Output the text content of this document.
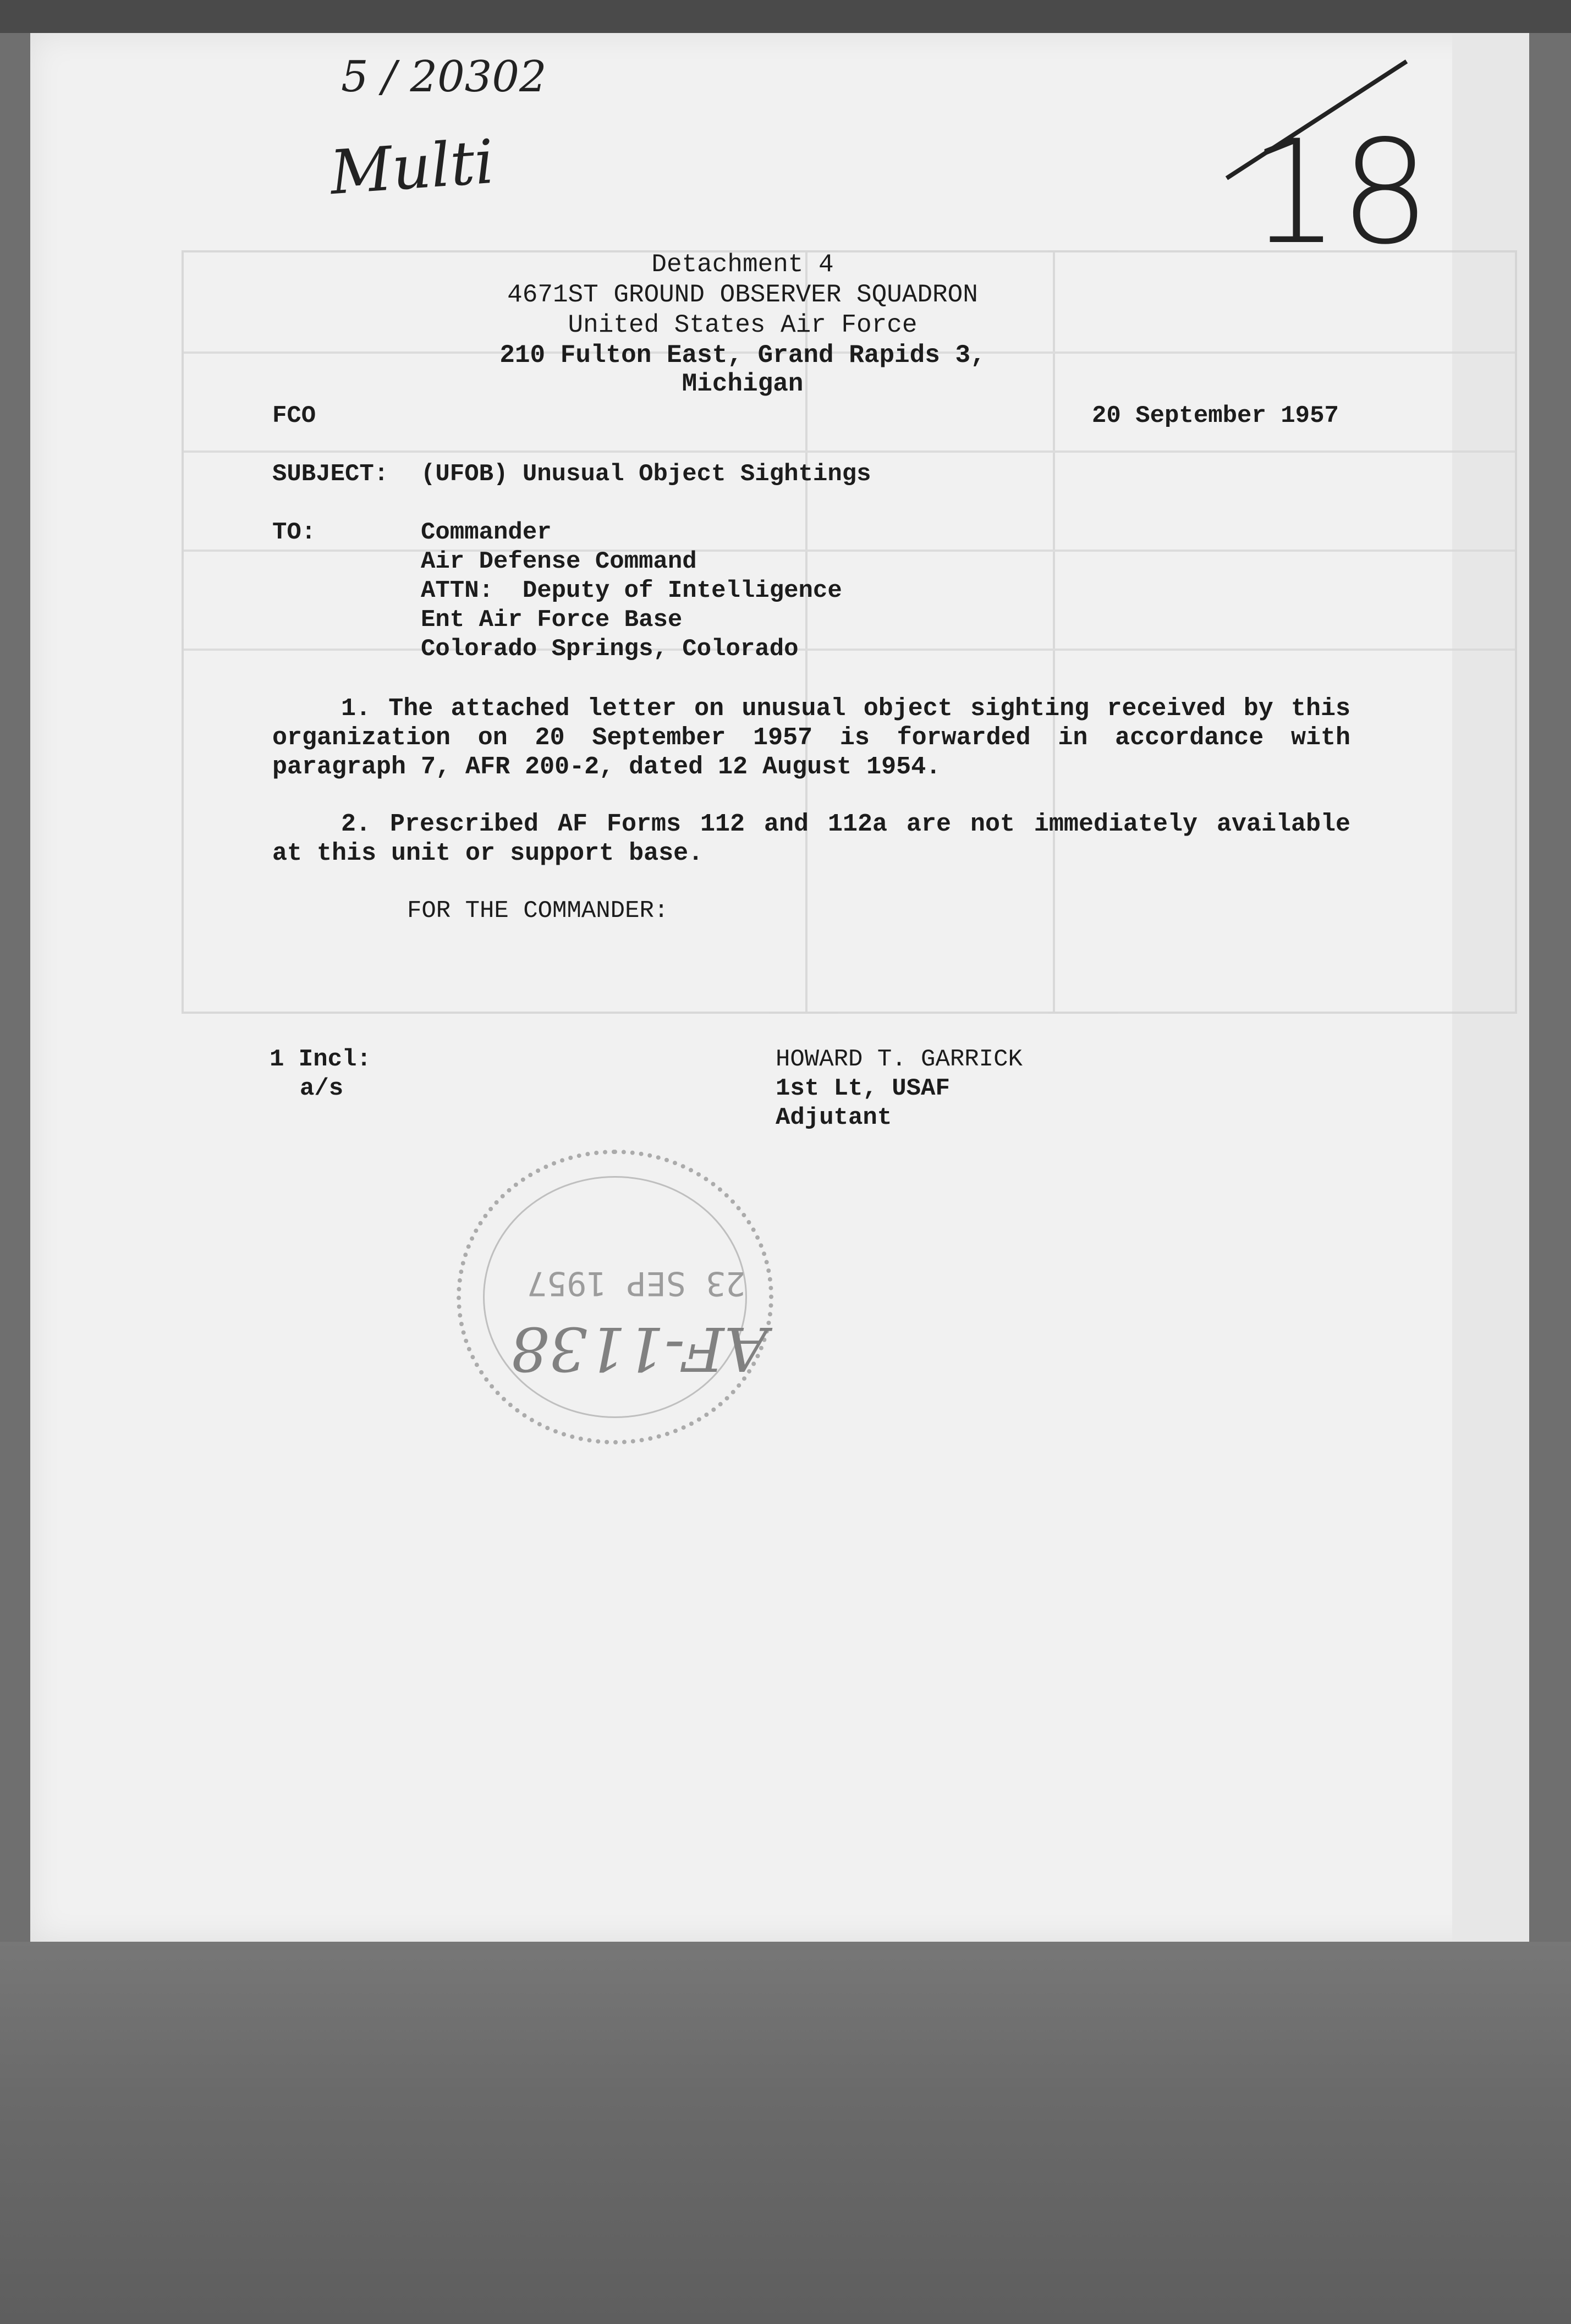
5 / 20302
Multi	18
Detachment 4
4671ST GROUND OBSERVER SQUADRON
United States Air Force
210 Fulton East, Grand Rapids 3, Michigan
FCO	20 September 1957
SUBJECT: (UFOB) Unusual Object Sightings
TO:	Commander
Air Defense Command
ATTN:  Deputy of Intelligence
Ent Air Force Base
Colorado Springs, Colorado
1. The attached letter on unusual object sighting received by this organization on 20 September 1957 is forwarded in accordance with paragraph 7, AFR 200-2, dated 12 August 1954.
2. Prescribed AF Forms 112 and 112a are not immediately available at this unit or support base.
FOR THE COMMANDER:
1 Incl:
a/s
HOWARD T. GARRICK
1st Lt, USAF
Adjutant
23 SEP 1957
AF-1138
